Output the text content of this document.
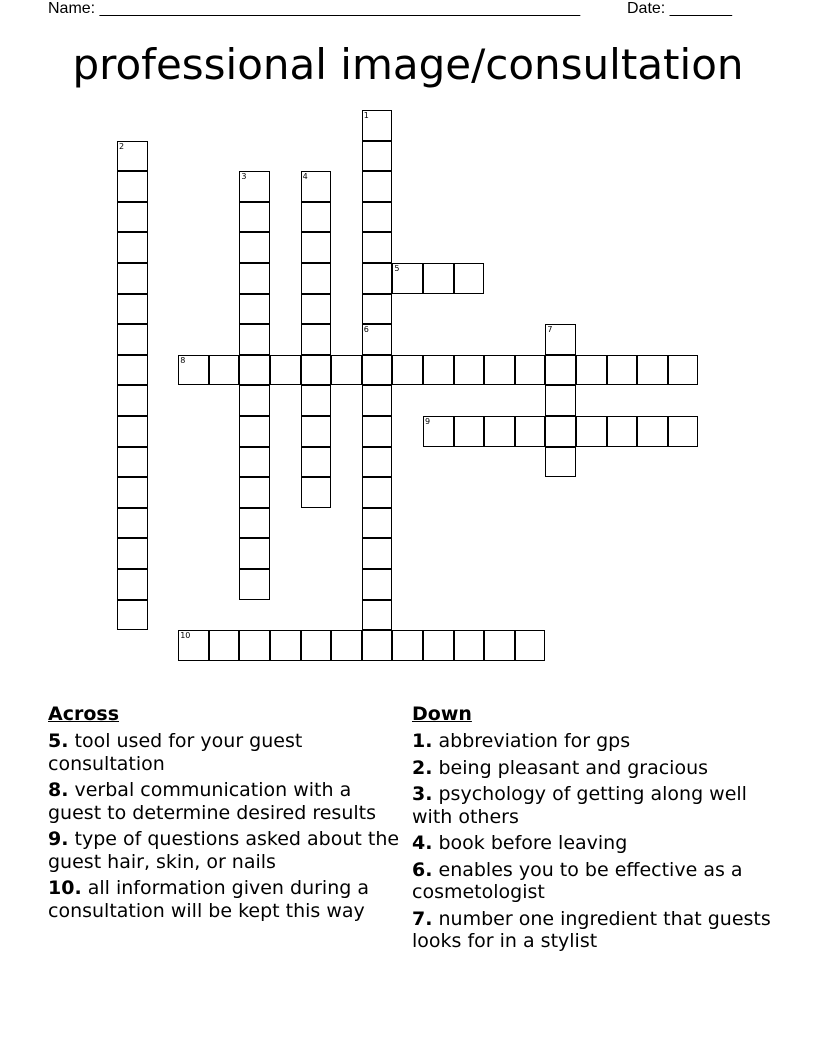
Name: ______________________________________________________	Date: _______
professional image/consultation
1
6
2
3	4
5
7
8
9
10
Across
5. tool used for your guest consultation
8. verbal communication with a guest to determine desired results
9. type of questions asked about the guest hair, skin, or nails
10. all information given during a consultation will be kept this way
Down
1. abbreviation for gps
2. being pleasant and gracious
3. psychology of getting along well with others
4. book before leaving
6. enables you to be effective as a cosmetologist
7. number one ingredient that guests looks for in a stylist
